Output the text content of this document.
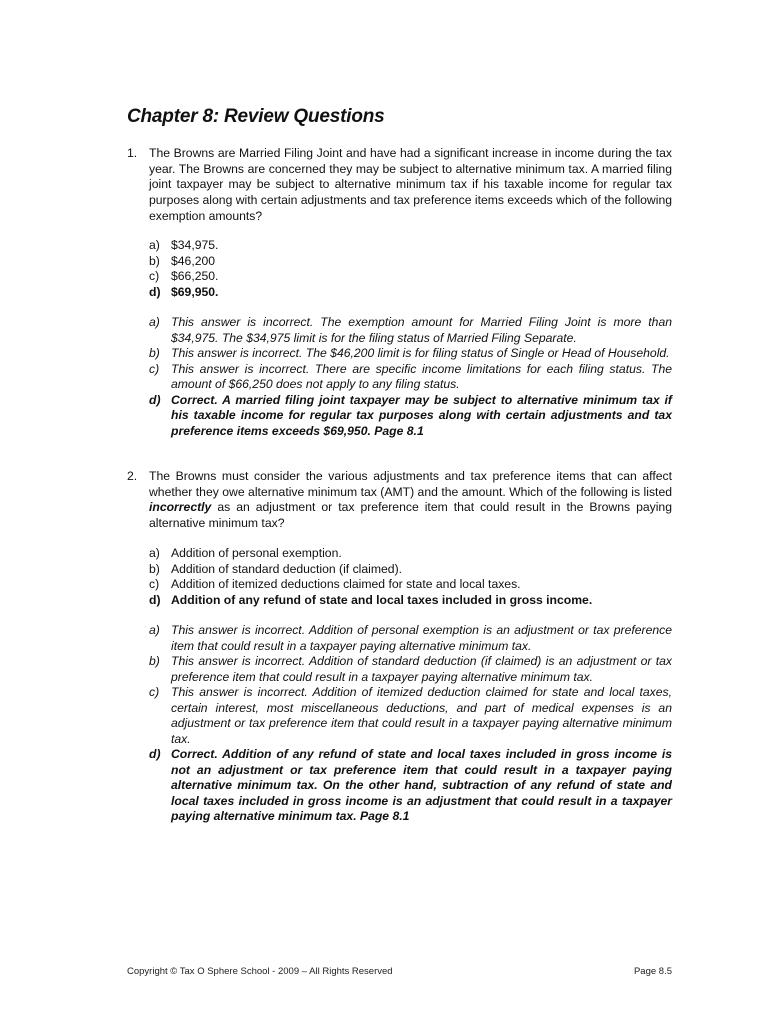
Chapter 8: Review Questions
1. The Browns are Married Filing Joint and have had a significant increase in income during the tax year. The Browns are concerned they may be subject to alternative minimum tax. A married filing joint taxpayer may be subject to alternative minimum tax if his taxable income for regular tax purposes along with certain adjustments and tax preference items exceeds which of the following exemption amounts?
a) $34,975.
b) $46,200
c) $66,250.
d) $69,950.
a) This answer is incorrect. The exemption amount for Married Filing Joint is more than $34,975. The $34,975 limit is for the filing status of Married Filing Separate.
b) This answer is incorrect. The $46,200 limit is for filing status of Single or Head of Household.
c) This answer is incorrect. There are specific income limitations for each filing status. The amount of $66,250 does not apply to any filing status.
d) Correct. A married filing joint taxpayer may be subject to alternative minimum tax if his taxable income for regular tax purposes along with certain adjustments and tax preference items exceeds $69,950. Page 8.1
2. The Browns must consider the various adjustments and tax preference items that can affect whether they owe alternative minimum tax (AMT) and the amount. Which of the following is listed incorrectly as an adjustment or tax preference item that could result in the Browns paying alternative minimum tax?
a) Addition of personal exemption.
b) Addition of standard deduction (if claimed).
c) Addition of itemized deductions claimed for state and local taxes.
d) Addition of any refund of state and local taxes included in gross income.
a) This answer is incorrect. Addition of personal exemption is an adjustment or tax preference item that could result in a taxpayer paying alternative minimum tax.
b) This answer is incorrect. Addition of standard deduction (if claimed) is an adjustment or tax preference item that could result in a taxpayer paying alternative minimum tax.
c) This answer is incorrect. Addition of itemized deduction claimed for state and local taxes, certain interest, most miscellaneous deductions, and part of medical expenses is an adjustment or tax preference item that could result in a taxpayer paying alternative minimum tax.
d) Correct. Addition of any refund of state and local taxes included in gross income is not an adjustment or tax preference item that could result in a taxpayer paying alternative minimum tax. On the other hand, subtraction of any refund of state and local taxes included in gross income is an adjustment that could result in a taxpayer paying alternative minimum tax. Page 8.1
Copyright © Tax O Sphere School - 2009 – All Rights Reserved	Page 8.5
